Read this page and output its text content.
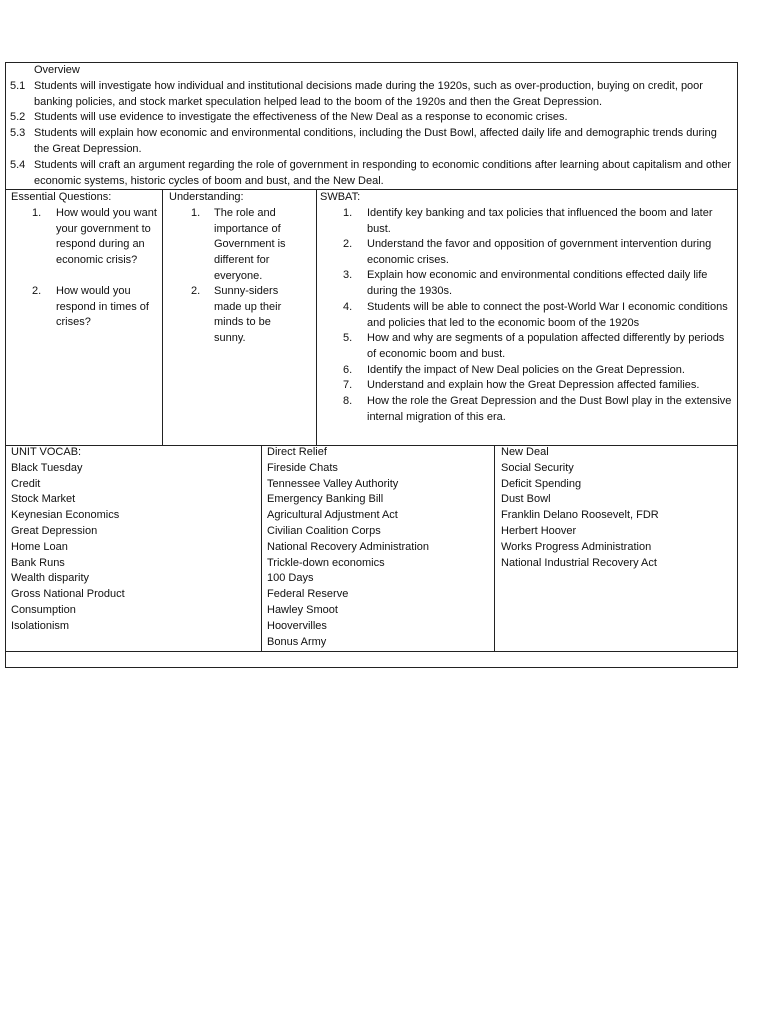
Overview
5.1 Students will investigate how individual and institutional decisions made during the 1920s, such as over-production, buying on credit, poor banking policies, and stock market speculation helped lead to the boom of the 1920s and then the Great Depression.
5.2 Students will use evidence to investigate the effectiveness of the New Deal as a response to economic crises.
5.3 Students will explain how economic and environmental conditions, including the Dust Bowl, affected daily life and demographic trends during the Great Depression.
5.4 Students will craft an argument regarding the role of government in responding to economic conditions after learning about capitalism and other economic systems, historic cycles of boom and bust, and the New Deal.
Essential Questions:
1. How would you want your government to respond during an economic crisis?
2. How would you respond in times of crises?
Understanding:
1. The role and importance of Government is different for everyone.
2. Sunny-siders made up their minds to be sunny.
SWBAT:
1. Identify key banking and tax policies that influenced the boom and later bust.
2. Understand the favor and opposition of government intervention during economic crises.
3. Explain how economic and environmental conditions effected daily life during the 1930s.
4. Students will be able to connect the post-World War I economic conditions and policies that led to the economic boom of the 1920s
5. How and why are segments of a population affected differently by periods of economic boom and bust.
6. Identify the impact of New Deal policies on the Great Depression.
7. Understand and explain how the Great Depression affected families.
8. How the role the Great Depression and the Dust Bowl play in the extensive internal migration of this era.
UNIT VOCAB:
Black Tuesday
Credit
Stock Market
Keynesian Economics
Great Depression
Home Loan
Bank Runs
Wealth disparity
Gross National Product
Consumption
Isolationism
Direct Relief
Fireside Chats
Tennessee Valley Authority
Emergency Banking Bill
Agricultural Adjustment Act
Civilian Coalition Corps
National Recovery Administration
Trickle-down economics
100 Days
Federal Reserve
Hawley Smoot
Hoovervilles
Bonus Army
New Deal
Social Security
Deficit Spending
Dust Bowl
Franklin Delano Roosevelt, FDR
Herbert Hoover
Works Progress Administration
National Industrial Recovery Act
